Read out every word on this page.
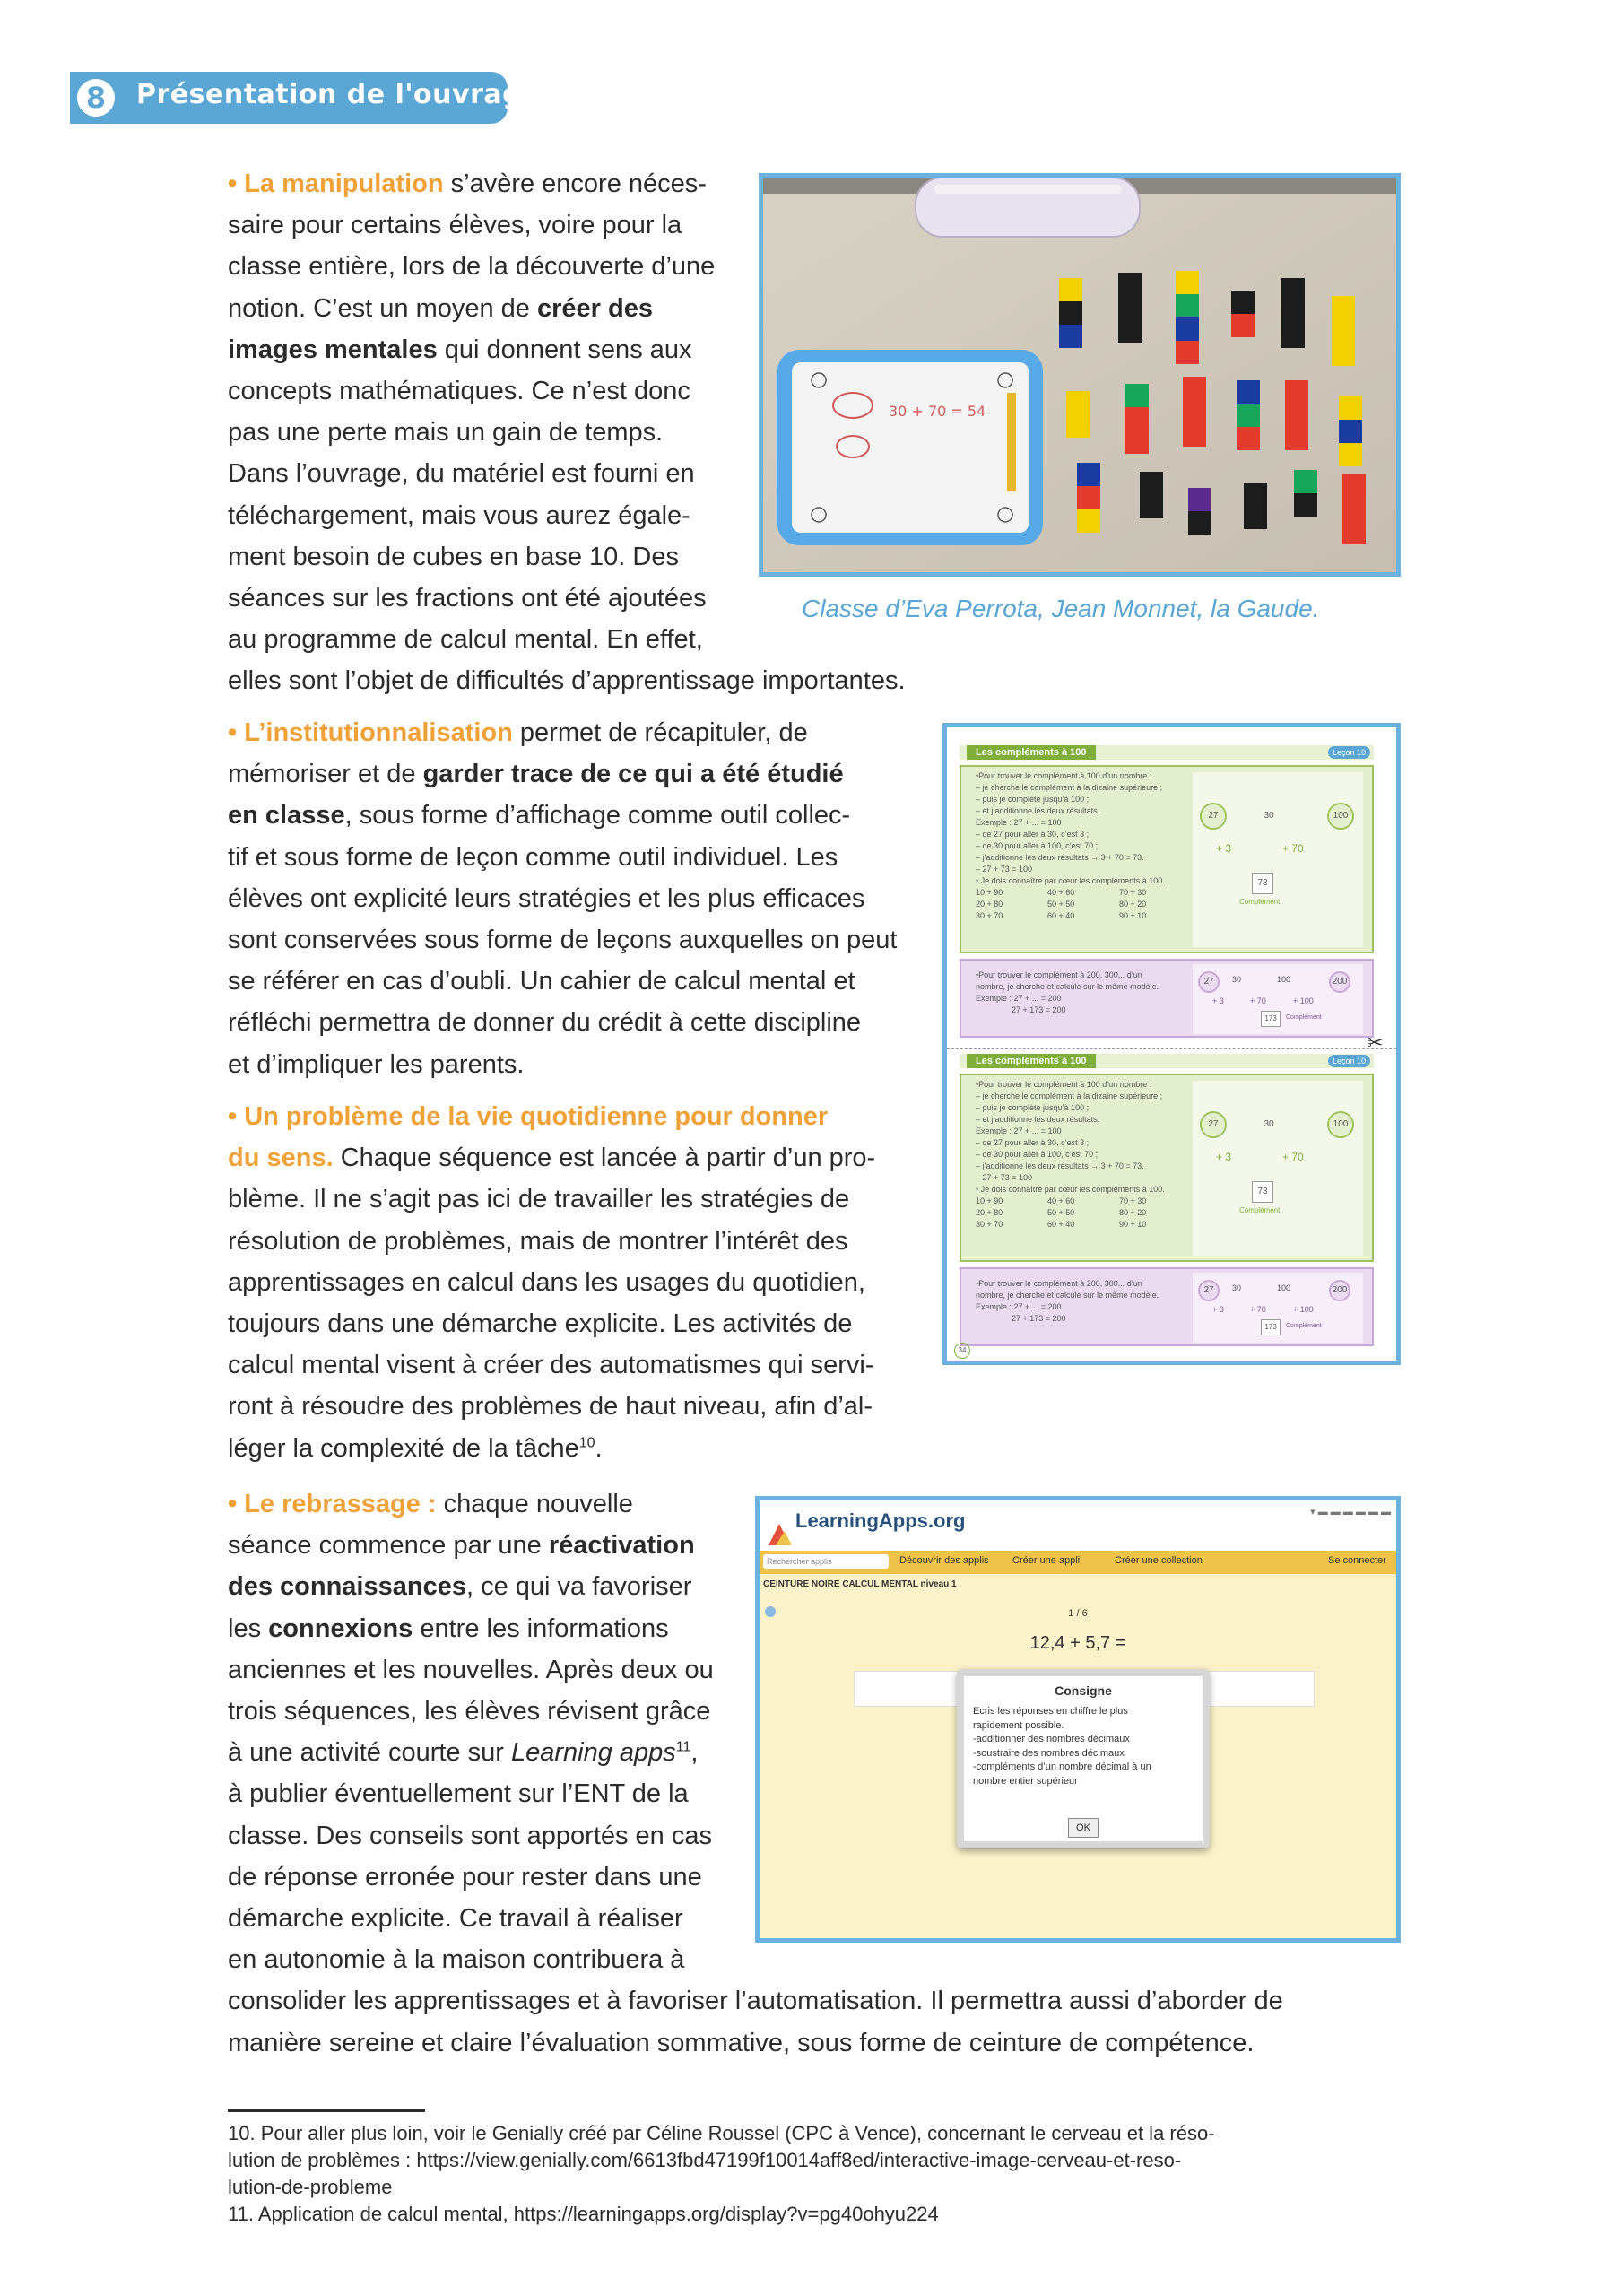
8	Présentation de l'ouvrage
• La manipulation s’avère encore néces-
saire pour certains élèves, voire pour la
classe entière, lors de la découverte d’une
notion. C’est un moyen de créer des
images mentales qui donnent sens aux
concepts mathématiques. Ce n’est donc
pas une perte mais un gain de temps.
Dans l’ouvrage, du matériel est fourni en
téléchargement, mais vous aurez égale-
ment besoin de cubes en base 10. Des
séances sur les fractions ont été ajoutées
au programme de calcul mental. En effet,
elles sont l’objet de difficultés d’apprentissage importantes.
30 + 70 = 54
Classe d’Eva Perrota, Jean Monnet, la Gaude.
• L’institutionnalisation permet de récapituler, de
mémoriser et de garder trace de ce qui a été étudié
en classe, sous forme d’affichage comme outil collec-
tif et sous forme de leçon comme outil individuel. Les
élèves ont explicité leurs stratégies et les plus efficaces
sont conservées sous forme de leçons auxquelles on peut
se référer en cas d’oubli. Un cahier de calcul mental et
réfléchi permettra de donner du crédit à cette discipline
et d’impliquer les parents.
• Un problème de la vie quotidienne pour donner
du sens. Chaque séquence est lancée à partir d’un pro-
blème. Il ne s’agit pas ici de travailler les stratégies de
résolution de problèmes, mais de montrer l’intérêt des
apprentissages en calcul dans les usages du quotidien,
toujours dans une démarche explicite. Les activités de
calcul mental visent à créer des automatismes qui servi-
ront à résoudre des problèmes de haut niveau, afin d’al-
léger la complexité de la tâche$^{10}$.
• Le rebrassage : chaque nouvelle
séance commence par une réactivation
des connaissances, ce qui va favoriser
les connexions entre les informations
anciennes et les nouvelles. Après deux ou
trois séquences, les élèves révisent grâce
à une activité courte sur Learning apps$^{11}$,
à publier éventuellement sur l’ENT de la
classe. Des conseils sont apportés en cas
de réponse erronée pour rester dans une
démarche explicite. Ce travail à réaliser
en autonomie à la maison contribuera à
consolider les apprentissages et à favoriser l’automatisation. Il permettra aussi d’aborder de
manière sereine et claire l’évaluation sommative, sous forme de ceinture de compétence.
Les compléments à 100	Leçon 10
•Pour trouver le complément à 100 d’un nombre :
– je cherche le complément à la dizaine supérieure ;
– puis je complète jusqu’à 100 ;
– et j’additionne les deux résultats.
Exemple : 27 + ... = 100
– de 27 pour aller à 30, c’est 3 ;
– de 30 pour aller à 100, c’est 70 ;
– j’additionne les deux résultats → 3 + 70 = 73.
– 27 + 73 = 100
• Je dois connaître par cœur les compléments à 100.
10 + 90	40 + 60	70 + 30
20 + 80	50 + 50	80 + 20
30 + 70	60 + 40	90 + 10
27	30	100
+ 3	+ 70
73
Complément
•Pour trouver le complément à 200, 300... d’un
nombre, je cherche et calcule sur le même modèle.
Exemple : 27 + ... = 200
27 + 173 = 200
27	30	100	200
+ 3	+ 70	+ 100
173	Complément
Les compléments à 100	Leçon 10
•Pour trouver le complément à 100 d’un nombre :
– je cherche le complément à la dizaine supérieure ;
– puis je complète jusqu’à 100 ;
– et j’additionne les deux résultats.
Exemple : 27 + ... = 100
– de 27 pour aller à 30, c’est 3 ;
– de 30 pour aller à 100, c’est 70 ;
– j’additionne les deux résultats → 3 + 70 = 73.
– 27 + 73 = 100
• Je dois connaître par cœur les compléments à 100.
10 + 90	40 + 60	70 + 30
20 + 80	50 + 50	80 + 20
30 + 70	60 + 40	90 + 10
27	30	100
+ 3	+ 70
73
Complément
•Pour trouver le complément à 200, 300... d’un
nombre, je cherche et calcule sur le même modèle.
Exemple : 27 + ... = 200
27 + 173 = 200
27	30	100	200
+ 3	+ 70	+ 100
173	Complément
34
✂
LearningApps.org	▾ ▬ ▬ ▬ ▬ ▬ ▬
Rechercher applis	Découvrir des applis Créer une appli	Créer une collection	Se connecter
CEINTURE NOIRE CALCUL MENTAL niveau 1
1 / 6
12,4 + 5,7 =
Consigne
Ecris les réponses en chiffre le plus
rapidement possible.
-additionner des nombres décimaux
-soustraire des nombres décimaux
-compléments d’un nombre décimal à un
nombre entier supérieur
OK
10. Pour aller plus loin, voir le Genially créé par Céline Roussel (CPC à Vence), concernant le cerveau et la réso-
lution de problèmes : https://view.genially.com/6613fbd47199f10014aff8ed/interactive-image-cerveau-et-reso-
lution-de-probleme
11. Application de calcul mental, https://learningapps.org/display?v=pg40ohyu224
